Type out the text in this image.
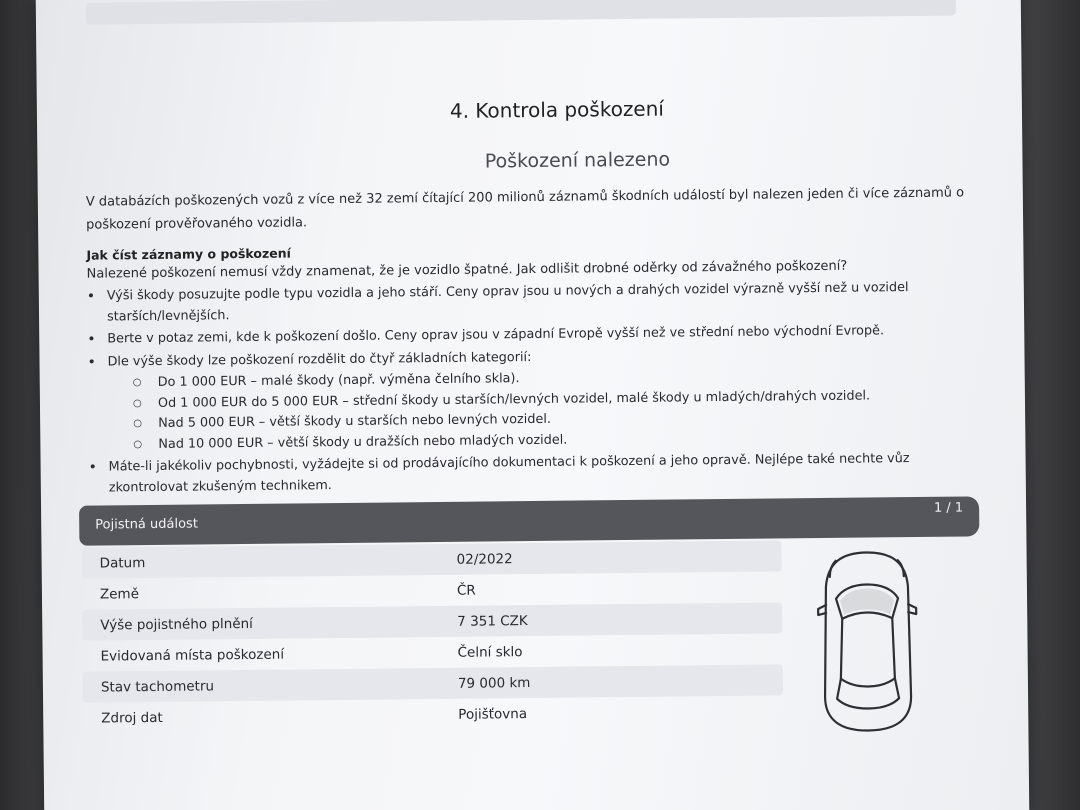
4. Kontrola poškození
Poškození nalezeno

V databázích poškozených vozů z více než 32 zemí čítající 200 milionů záznamů škodních událostí byl nalezen jeden či více záznamů o poškození prověřovaného vozidla.

Jak číst záznamy o poškození
Nalezené poškození nemusí vždy znamenat, že je vozidlo špatné. Jak odlišit drobné oděrky od závažného poškození?
• Výši škody posuzujte podle typu vozidla a jeho stáří. Ceny oprav jsou u nových a drahých vozidel výrazně vyšší než u vozidel starších/levnějších.
• Berte v potaz zemi, kde k poškození došlo. Ceny oprav jsou v západní Evropě vyšší než ve střední nebo východní Evropě.
• Dle výše škody lze poškození rozdělit do čtyř základních kategorií:
○ Do 1 000 EUR – malé škody (např. výměna čelního skla).
○ Od 1 000 EUR do 5 000 EUR – střední škody u starších/levných vozidel, malé škody u mladých/drahých vozidel.
○ Nad 5 000 EUR – větší škody u starších nebo levných vozidel.
○ Nad 10 000 EUR – větší škody u dražších nebo mladých vozidel.
• Máte-li jakékoliv pochybnosti, vyžádejte si od prodávajícího dokumentaci k poškození a jeho opravě. Nejlépe také nechte vůz zkontrolovat zkušeným technikem.
Pojistná událost
1 / 1
Datum	02/2022
Země	ČR
Výše pojistného plnění	7 351 CZK
Evidovaná místa poškození	Čelní sklo
Stav tachometru	79 000 km
Zdroj dat	Pojišťovna
